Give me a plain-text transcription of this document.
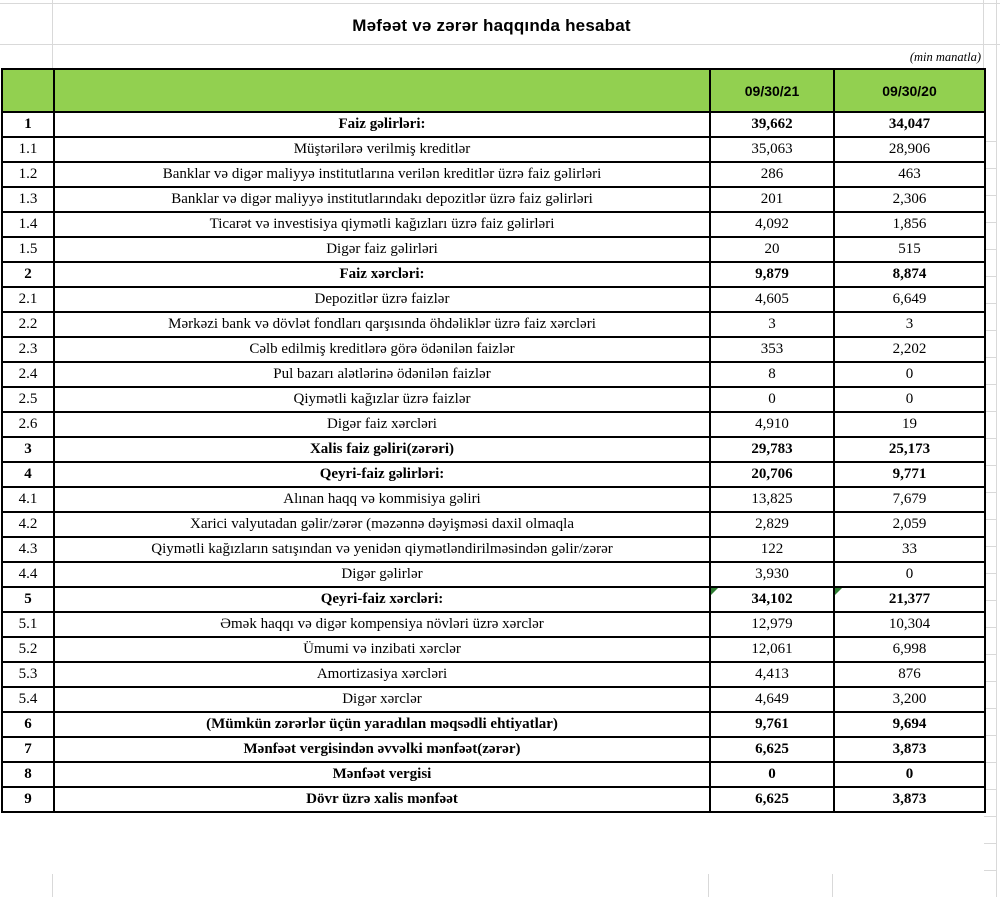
Məfəət və zərər haqqında hesabat
(min manatla)
		09/30/21	09/30/20
1	Faiz gəlirləri:	39,662	34,047
1.1	Müştərilərə verilmiş kreditlər	35,063	28,906
1.2	Banklar və digər maliyyə institutlarına verilən kreditlər üzrə faiz gəlirləri	286	463
1.3	Banklar və digər maliyyə institutlarındakı depozitlər üzrə faiz gəlirləri	201	2,306
1.4	Ticarət və investisiya qiymətli kağızları üzrə faiz gəlirləri	4,092	1,856
1.5	Digər faiz gəlirləri	20	515
2	Faiz xərcləri:	9,879	8,874
2.1	Depozitlər üzrə faizlər	4,605	6,649
2.2	Mərkəzi bank və dövlət fondları qarşısında öhdəliklər üzrə faiz xərcləri	3	3
2.3	Cəlb edilmiş kreditlərə görə ödənilən faizlər	353	2,202
2.4	Pul bazarı alətlərinə ödənilən faizlər	8	0
2.5	Qiymətli kağızlar üzrə faizlər	0	0
2.6	Digər faiz xərcləri	4,910	19
3	Xalis faiz gəliri(zərəri)	29,783	25,173
4	Qeyri-faiz gəlirləri:	20,706	9,771
4.1	Alınan haqq və kommisiya gəliri	13,825	7,679
4.2	Xarici valyutadan gəlir/zərər (məzənnə dəyişməsi daxil olmaqla	2,829	2,059
4.3	Qiymətli kağızların satışından və yenidən qiymətləndirilməsindən gəlir/zərər	122	33
4.4	Digər gəlirlər	3,930	0
5	Qeyri-faiz xərcləri:	34,102	21,377

5.1	Əmək haqqı və digər kompensiya növləri üzrə xərclər	12,979	10,304
5.2	Ümumi və inzibati xərclər	12,061	6,998
5.3	Amortizasiya xərcləri	4,413	876
5.4	Digər xərclər	4,649	3,200
6	(Mümkün zərərlər üçün yaradılan məqsədli ehtiyatlar)	9,761	9,694
7	Mənfəət vergisindən əvvəlki mənfəət(zərər)	6,625	3,873
8	Mənfəət vergisi	0	0
9	Dövr üzrə xalis mənfəət	6,625	3,873
